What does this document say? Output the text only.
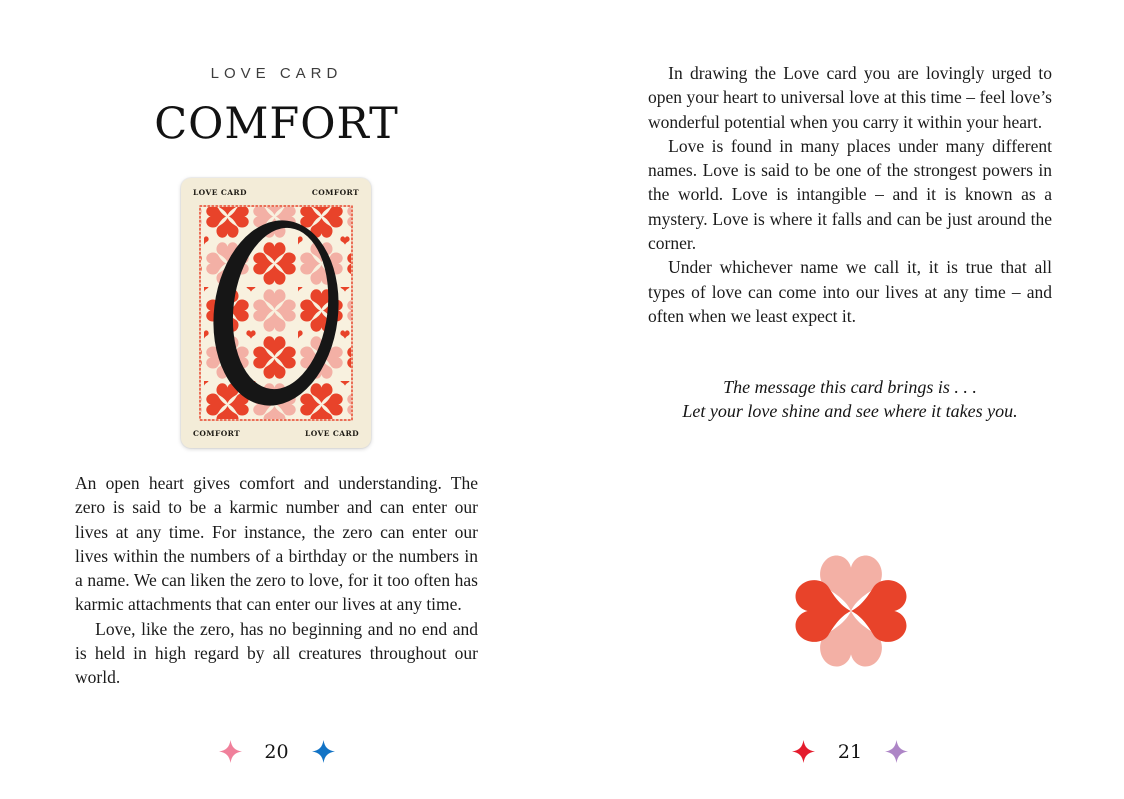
LOVE CARD
COMFORT
LOVE CARD	COMFORT
COMFORT	LOVE CARD

An open heart gives comfort and understanding. The zero is said to be a karmic number and can enter our lives at any time. For instance, the zero can enter our lives within the numbers of a birthday or the numbers in a name. We can liken the zero to love, for it too often has karmic attachments that can enter our lives at any time.

Love, like the zero, has no beginning and no end and is held in high regard by all creatures throughout our world.

20

In drawing the Love card you are lovingly urged to open your heart to universal love at this time – feel love’s wonderful potential when you carry it within your heart.

Love is found in many places under many different names. Love is said to be one of the strongest powers in the world. Love is intangible – and it is known as a mystery. Love is where it falls and can be just around the corner.

Under whichever name we call it, it is true that all types of love can come into our lives at any time – and often when we least expect it.

The message this card brings is . . .
Let your love shine and see where it takes you.
21
